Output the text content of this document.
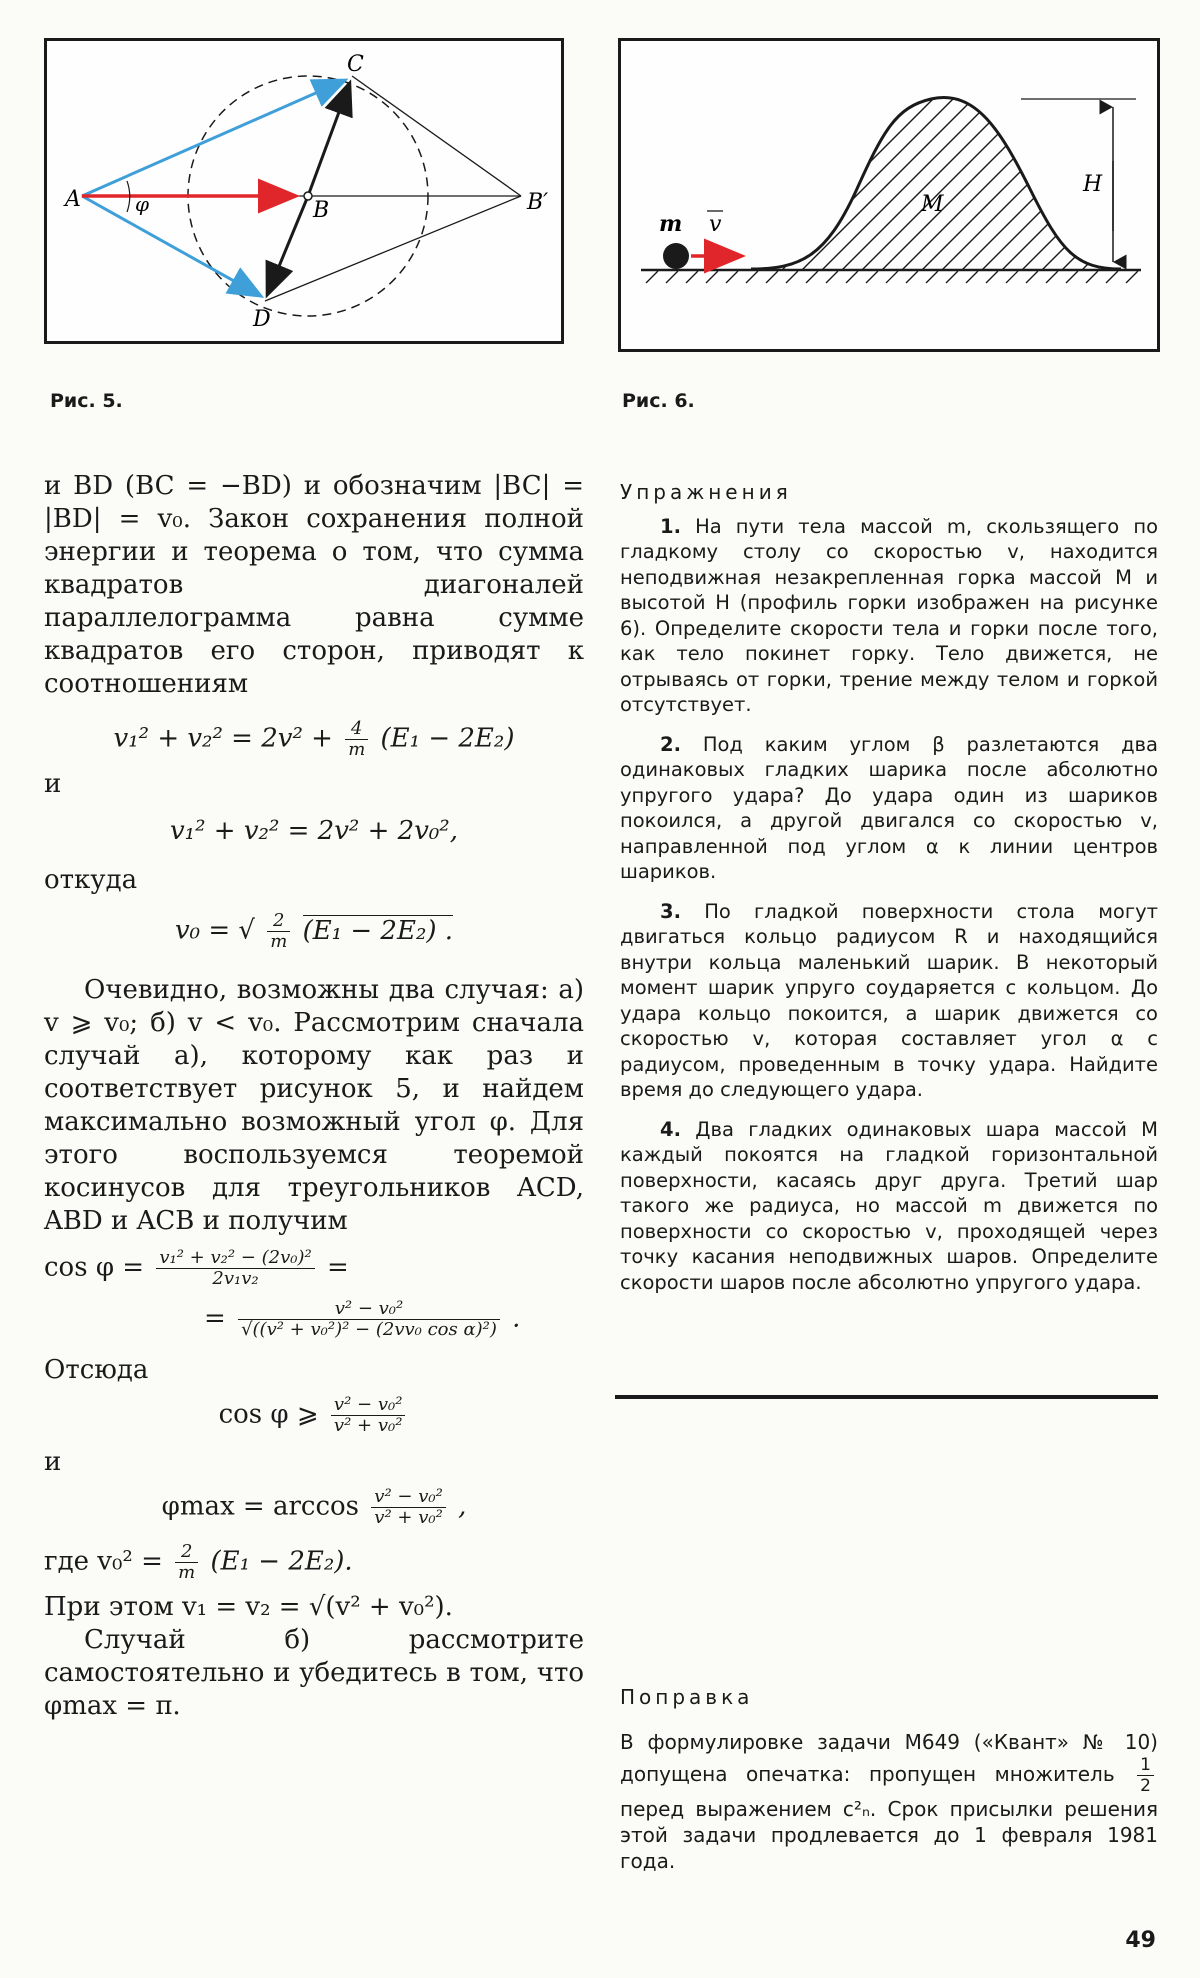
A	B
C
D
B′
φ
Рис. 5.
m v
M
H
Рис. 6.

и BD (BC = −BD) и обозначим |BC| = |BD| = v₀. Закон сохранения полной энергии и теорема о том, что сумма квадратов диагоналей параллелограмма равна сумме квадратов его сторон, приводят к соотношениям

$v_1^2 + v_2^2 = 2v^2 + \frac{4}{m} (E_1 - 2E_2)$

и

v₁² + v₂² = 2v² + 2v₀²,

откуда

v₀ = √ $\frac{2}{m} (E_1 - 2E_2)$ .

Очевидно, возможны два случая: а) v ⩾ v₀; б) v < v₀. Рассмотрим сначала случай а), которому как раз и соответствует рисунок 5, и найдем максимально возможный угол φ. Для этого воспользуемся теоремой косинусов для треугольников ACD, ABD и ACB и получим

$\cos \varphi = \frac{\text{v₁² + v₂² − (2v₀)²}}{\text{2v₁v₂}}$ =
= $\frac{\text{v² − v₀²}}{\text{√((v² + v₀²)² − (2vv₀ cos α)²)}}$ .

Отсюда

cos φ ⩾ $\frac{\text{v² − v₀²}}{\text{v² + v₀²}}$

и

$\varphi\max = \arccos \frac{\text{v² − v₀²}}{\text{v² + v₀²}}$ ,
где $v_0^2 = \frac{2}{m} (E_1 - 2E_2)$.

При этом v₁ = v₂ = √(v² + v₀²).

Случай б) рассмотрите самостоятельно и убедитесь в том, что φmax = π.

Упражнения

1. На пути тела массой m, скользящего по гладкому столу со скоростью v, находится неподвижная незакрепленная горка массой M и высотой H (профиль горки изображен на рисунке 6). Определите скорости тела и горки после того, как тело покинет горку. Тело движется, не отрываясь от горки, трение между телом и горкой отсутствует.

2. Под каким углом β разлетаются два одинаковых гладких шарика после абсолютно упругого удара? До удара один из шариков покоился, а другой двигался со скоростью v, направленной под углом α к линии центров шариков.

3. По гладкой поверхности стола могут двигаться кольцо радиусом R и находящийся внутри кольца маленький шарик. В некоторый момент шарик упруго соударяется с кольцом. До удара кольцо покоится, а шарик движется со скоростью v, которая составляет угол α с радиусом, проведенным в точку удара. Найдите время до следующего удара.

4. Два гладких одинаковых шара массой M каждый покоятся на гладкой горизонтальной поверхности, касаясь друг друга. Третий шар такого же радиуса, но массой m движется по поверхности со скоростью v, проходящей через точку касания неподвижных шаров. Определите скорости шаров после абсолютно упругого удара.

Поправка

В формулировке задачи М649 («Квант» № 10) допущена опечатка: пропущен множитель $\frac{1}{2}$
перед выражением c²ₙ. Срок присылки решения этой задачи продлевается до 1 февраля 1981 года.

49
